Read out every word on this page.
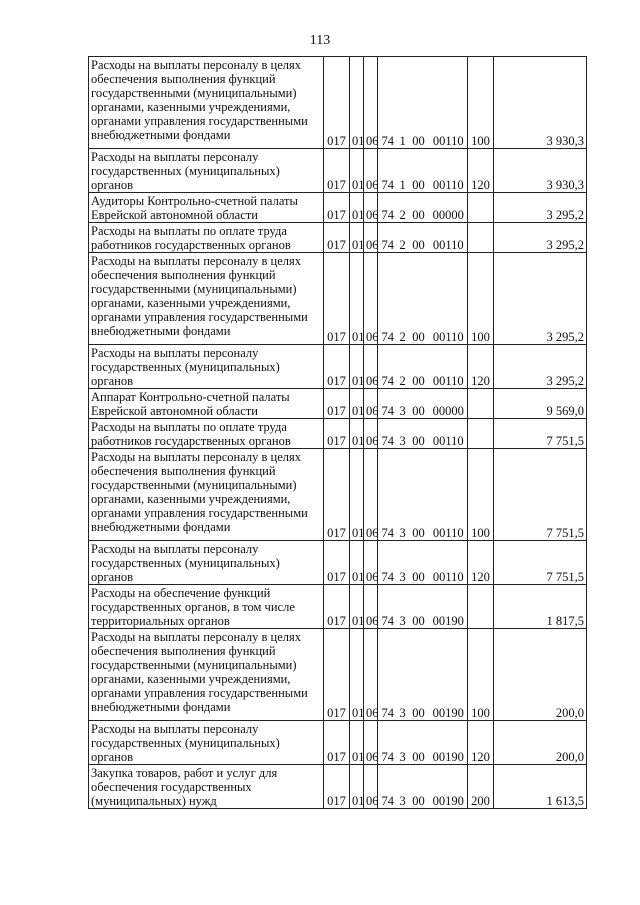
113
Расходы на выплаты персоналу в целях обеспечения выполнения функций государственными (муниципальными) органами, казенными учреждениями, органами управления государственными внебюджетными фондами	017	01	06	74	1	00	00110	100	3 930,3
Расходы на выплаты персоналу государственных (муниципальных) органов	017	01	06	74	1	00	00110	120	3 930,3
Аудиторы Контрольно-счетной палаты Еврейской автономной области	017	01	06	74	2	00	00000		3 295,2
Расходы на выплаты по оплате труда работников государственных органов	017	01	06	74	2	00	00110		3 295,2
Расходы на выплаты персоналу в целях обеспечения выполнения функций государственными (муниципальными) органами, казенными учреждениями, органами управления государственными внебюджетными фондами	017	01	06	74	2	00	00110	100	3 295,2
Расходы на выплаты персоналу государственных (муниципальных) органов	017	01	06	74	2	00	00110	120	3 295,2
Аппарат Контрольно-счетной палаты Еврейской автономной области	017	01	06	74	3	00	00000		9 569,0
Расходы на выплаты по оплате труда работников государственных органов	017	01	06	74	3	00	00110		7 751,5
Расходы на выплаты персоналу в целях обеспечения выполнения функций государственными (муниципальными) органами, казенными учреждениями, органами управления государственными внебюджетными фондами	017	01	06	74	3	00	00110	100	7 751,5
Расходы на выплаты персоналу государственных (муниципальных) органов	017	01	06	74	3	00	00110	120	7 751,5
Расходы на обеспечение функций государственных органов, в том числе территориальных органов	017	01	06	74	3	00	00190		1 817,5
Расходы на выплаты персоналу в целях обеспечения выполнения функций государственными (муниципальными) органами, казенными учреждениями, органами управления государственными внебюджетными фондами	017	01	06	74	3	00	00190	100	200,0
Расходы на выплаты персоналу государственных (муниципальных) органов	017	01	06	74	3	00	00190	120	200,0
Закупка товаров, работ и услуг для обеспечения государственных (муниципальных) нужд	017	01	06	74	3	00	00190	200	1 613,5
